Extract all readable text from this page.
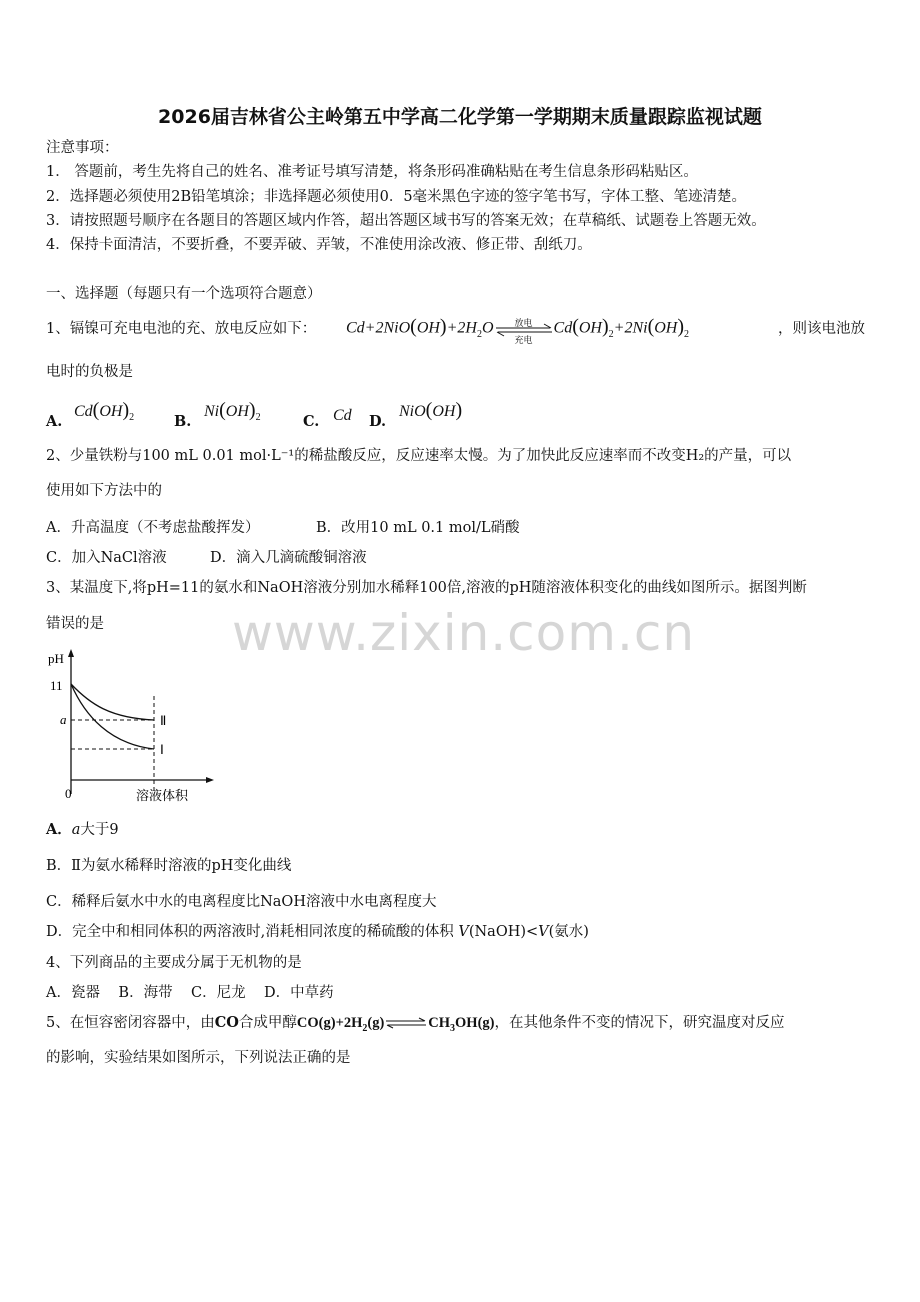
2026届吉林省公主岭第五中学高二化学第一学期期末质量跟踪监视试题
注意事项：
1． 答题前，考生先将自己的姓名、准考证号填写清楚，将条形码准确粘贴在考生信息条形码粘贴区。
2．选择题必须使用2B铅笔填涂；非选择题必须使用0．5毫米黑色字迹的签字笔书写，字体工整、笔迹清楚。
3．请按照题号顺序在各题目的答题区域内作答，超出答题区域书写的答案无效；在草稿纸、试题卷上答题无效。
4．保持卡面清洁，不要折叠，不要弄破、弄皱，不准使用涂改液、修正带、刮纸刀。
一、选择题（每题只有一个选项符合题意）
1、镉镍可充电电池的充、放电反应如下： $Cd+2NiO(OH)+2H_2O$	放电
充电
$Cd(OH)_2+2Ni(OH)_2$	，则该电池放
电时的负极是
A.
$Cd(OH)_2$	B.
$Ni(OH)_2$	C. Cd D.
NiO(OH)
2、少量铁粉与100 mL 0.01 mol·L⁻¹的稀盐酸反应，反应速率太慢。为了加快此反应速率而不改变H₂的产量，可以
使用如下方法中的
A．升高温度（不考虑盐酸挥发）	B．改用10 mL 0.1 mol/L硝酸
C．加入NaCl溶液	D．滴入几滴硫酸铜溶液
3、某温度下,将pH=11的氨水和NaOH溶液分别加水稀释100倍,溶液的pH随溶液体积变化的曲线如图所示。据图判断
错误的是
pH
11
a
0	溶液体积
Ⅱ
Ⅰ
A．a大于9
B．Ⅱ为氨水稀释时溶液的pH变化曲线
C．稀释后氨水中水的电离程度比NaOH溶液中水电离程度大
D．完全中和相同体积的两溶液时,消耗相同浓度的稀硫酸的体积 V(NaOH)<V(氨水)
4、下列商品的主要成分属于无机物的是
A．瓷器    B．海带    C．尼龙    D．中草药
5、在恒容密闭容器中，由CO合成甲醇$CO(g)+2H_2(g)$	$CH_3OH(g)$，在其他条件不变的情况下，研究温度对反应
的影响，实验结果如图所示，下列说法正确的是
www.zixin.com.cn
